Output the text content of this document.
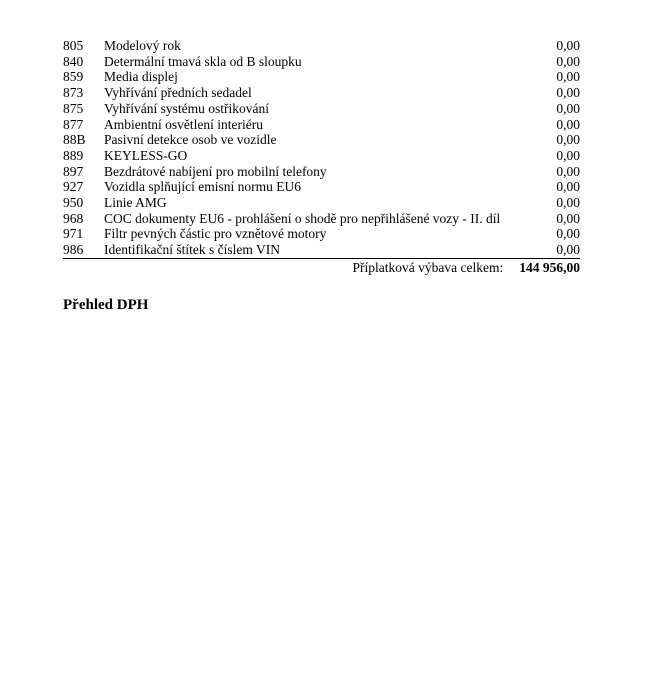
805	Modelový rok	0,00
840	Determální tmavá skla od B sloupku	0,00
859	Media displej	0,00
873	Vyhřívání předních sedadel	0,00
875	Vyhřívání systému ostřikování	0,00
877	Ambientní osvětlení interiéru	0,00
88B	Pasivní detekce osob ve vozidle	0,00
889	KEYLESS-GO	0,00
897	Bezdrátové nabíjení pro mobilní telefony	0,00
927	Vozidla splňující emisní normu EU6	0,00
950	Linie AMG	0,00
968	COC dokumenty EU6 - prohlášení o shodě pro nepřihlášené vozy - II. díl	0,00
971	Filtr pevných částic pro vznětové motory	0,00
986	Identifikační štítek s číslem VIN	0,00
Příplatková výbava celkem: 144 956,00
Přehled DPH
